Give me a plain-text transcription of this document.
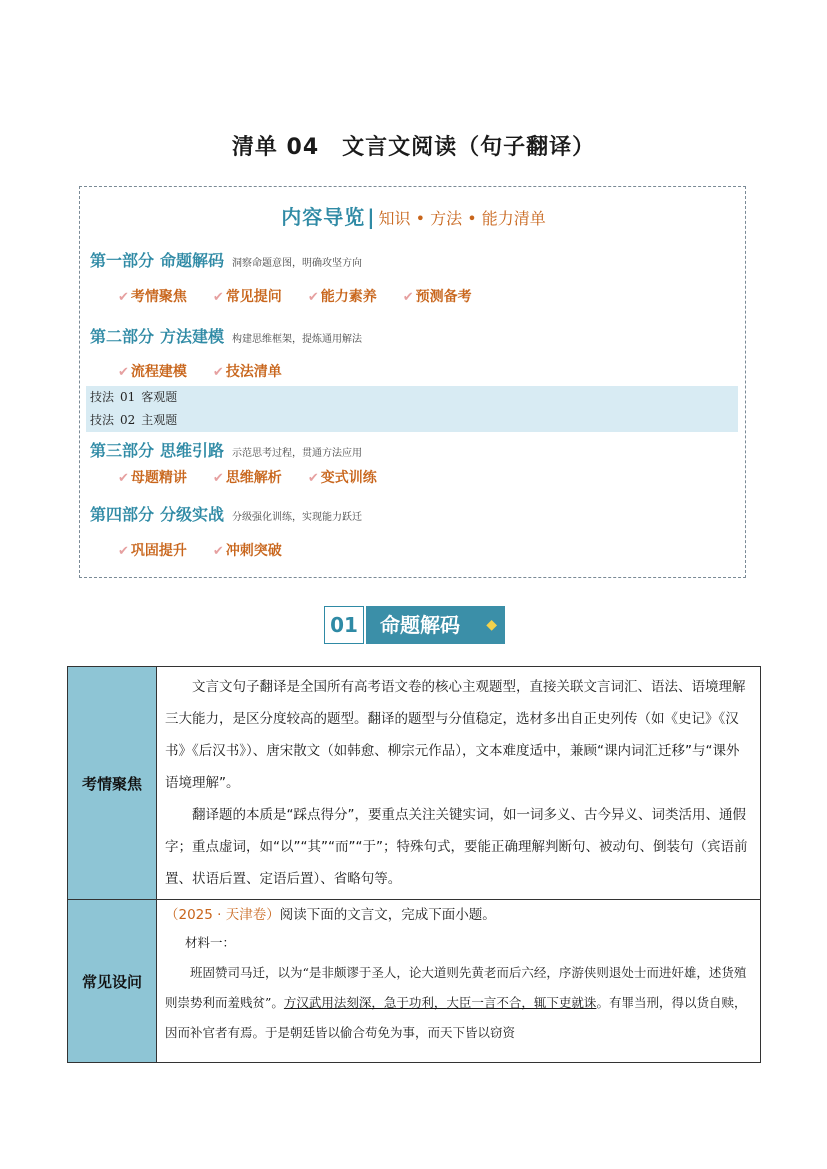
清单 04　文言文阅读（句子翻译）
内容导览 | 知识 • 方法 • 能力清单
第一部分 命题解码 洞察命题意图，明确攻坚方向
✔ 考情聚焦 ✔ 常见提问 ✔ 能力素养 ✔ 预测备考
第二部分 方法建模 构建思维框架，提炼通用解法
✔ 流程建模 ✔ 技法清单
技法 01 客观题
技法 02 主观题
第三部分 思维引路 示范思考过程，贯通方法应用
✔ 母题精讲 ✔ 思维解析 ✔ 变式训练
第四部分 分级实战 分级强化训练，实现能力跃迁
✔ 巩固提升 ✔ 冲刺突破
01	命题解码 ◆
考情聚焦	文言文句子翻译是全国所有高考语文卷的核心主观题型，直接关联文言词汇、语法、语境理解三大能力，是区分度较高的题型。翻译的题型与分值稳定，选材多出自正史列传（如《史记》《汉书》《后汉书》）、唐宋散文（如韩愈、柳宗元作品），文本难度适中，兼顾“课内词汇迁移”与“课外语境理解”。

翻译题的本质是“踩点得分”，要重点关注关键实词，如一词多义、古今异义、词类活用、通假字；重点虚词，如“以”“其”“而”“于”；特殊句式，要能正确理解判断句、被动句、倒装句（宾语前置、状语后置、定语后置）、省略句等。

常见设问	（2025 · 天津卷）阅读下面的文言文，完成下面小题。
材料一：

班固赞司马迁，以为“是非颇谬于圣人，论大道则先黄老而后六经，序游侠则退处士而进奸雄，述货殖则崇势利而羞贱贫”。方汉武用法刻深，急于功利，大臣一言不合，辄下吏就诛。有罪当刑，得以货自赎，因而补官者有焉。于是朝廷皆以偷合苟免为事，而天下皆以窃资
